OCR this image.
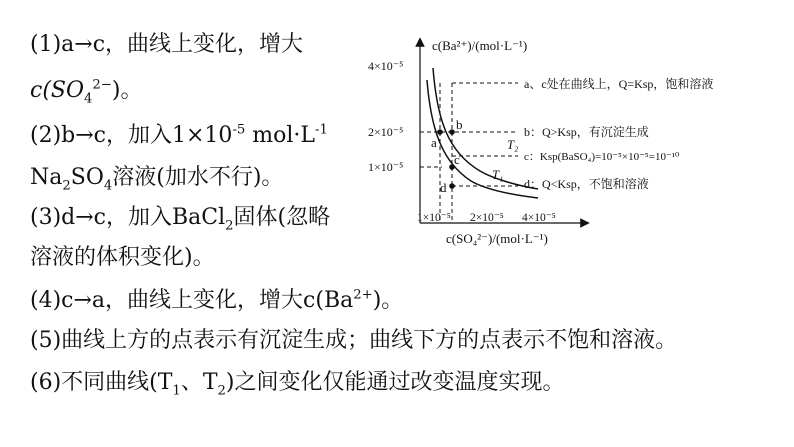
(1)a→c，曲线上变化，增大
$c(SO_4^{2-})$。
(2)b→c，加入$1\times 10^{-5}$ $mol\cdot L^{-1}$
$Na_2SO_4$溶液(加水不行)。
(3)d→c，加入BaCl$_2$固体(忽略
溶液的体积变化)。
(4)c→a，曲线上变化，增大$c(Ba^{2+})$。
(5)曲线上方的点表示有沉淀生成；曲线下方的点表示不饱和溶液。
(6)不同曲线($T_1$、$T_2$)之间变化仅能通过改变温度实现。
c(Ba²⁺)/(mol·L⁻¹)
c(SO₄²⁻)/(mol·L⁻¹)
4×10⁻⁵
2×10⁻⁵
1×10⁻⁵
1×10⁻⁵ 2×10⁻⁵ 4×10⁻⁵
a
b
c
d
T₂
T₁
a、c处在曲线上，Q=Ksp，饱和溶液
b：Q>Ksp，有沉淀生成
c：Ksp(BaSO₄)=10⁻⁵×10⁻⁵=10⁻¹⁰
d：Q<Ksp，不饱和溶液
